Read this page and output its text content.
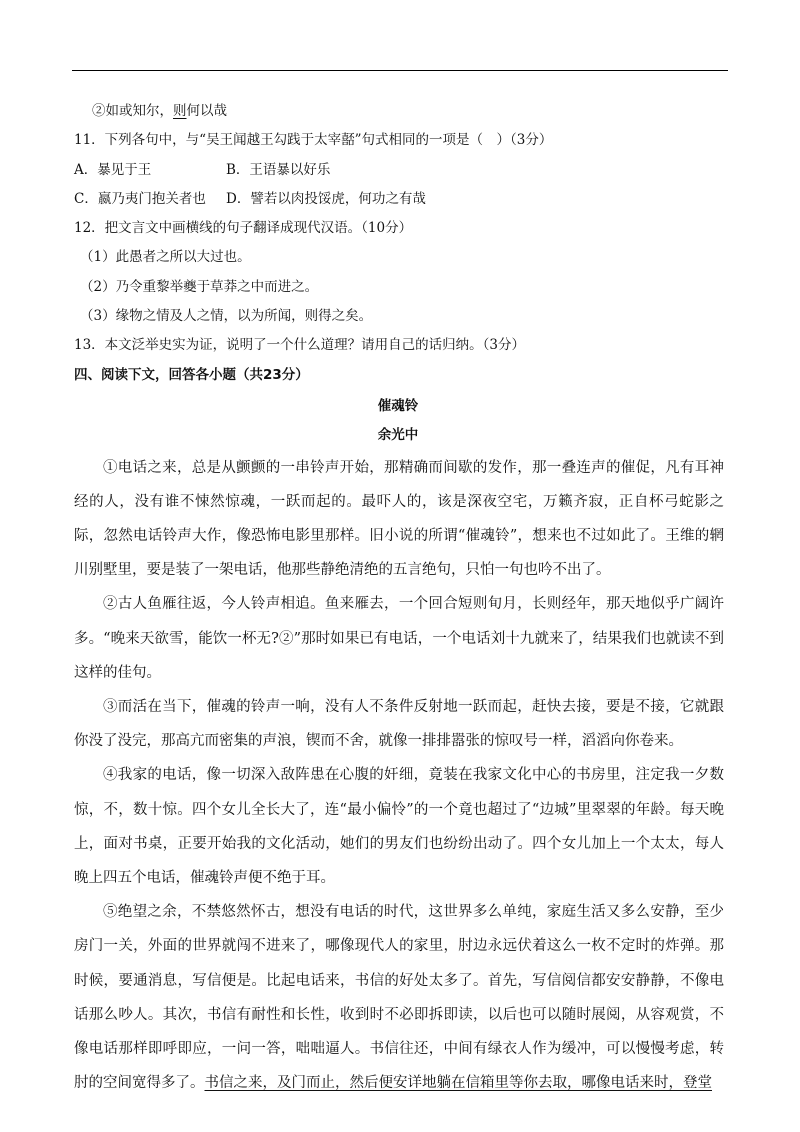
②如或知尔，则何以哉
11．下列各句中，与“吴王闻越王勾践于太宰嚭”句式相同的一项是（　）（3分）
A．暴见于王	B．王语暴以好乐
C．嬴乃夷门抱关者也 D．譬若以肉投馁虎，何功之有哉
12．把文言文中画横线的句子翻译成现代汉语。（10分）
（1）此愚者之所以大过也。
（2）乃令重黎举夔于草莽之中而进之。
（3）缘物之情及人之情，以为所闻，则得之矣。
13．本文泛举史实为证，说明了一个什么道理？请用自己的话归纳。（3分）
四、阅读下文，回答各小题（共23分）
催魂铃
余光中

①电话之来，总是从颤颤的一串铃声开始，那精确而间歇的发作，那一叠连声的催促，凡有耳神经的人，没有谁不悚然惊魂，一跃而起的。最吓人的，该是深夜空宅，万籁齐寂，正自杯弓蛇影之际，忽然电话铃声大作，像恐怖电影里那样。旧小说的所谓“催魂铃”，想来也不过如此了。王维的辋川别墅里，要是装了一架电话，他那些静绝清绝的五言绝句，只怕一句也吟不出了。

②古人鱼雁往返，今人铃声相追。鱼来雁去，一个回合短则旬月，长则经年，那天地似乎广阔许多。“晚来天欲雪，能饮一杯无?②”那时如果已有电话，一个电话刘十九就来了，结果我们也就读不到这样的佳句。

③而活在当下，催魂的铃声一响，没有人不条件反射地一跃而起，赶快去接，要是不接，它就跟你没了没完，那高亢而密集的声浪，锲而不舍，就像一排排嚣张的惊叹号一样，滔滔向你卷来。

④我家的电话，像一切深入敌阵患在心腹的奸细，竟装在我家文化中心的书房里，注定我一夕数惊，不，数十惊。四个女儿全长大了，连“最小偏怜”的一个竟也超过了“边城”里翠翠的年龄。每天晚上，面对书桌，正要开始我的文化活动，她们的男友们也纷纷出动了。四个女儿加上一个太太，每人晚上四五个电话，催魂铃声便不绝于耳。

⑤绝望之余，不禁悠然怀古，想没有电话的时代，这世界多么单纯，家庭生活又多么安静，至少房门一关，外面的世界就闯不进来了，哪像现代人的家里，肘边永远伏着这么一枚不定时的炸弹。那时候，要通消息，写信便是。比起电话来，书信的好处太多了。首先，写信阅信都安安静静，不像电话那么吵人。其次，书信有耐性和长性，收到时不必即拆即读，以后也可以随时展阅，从容观赏，不像电话那样即呼即应，一问一答，咄咄逼人。书信往还，中间有绿衣人作为缓冲，可以慢慢考虑，转肘的空间宽得多了。书信之来，及门而止，然后便安详地躺在信箱里等你去取，哪像电话来时，登堂
